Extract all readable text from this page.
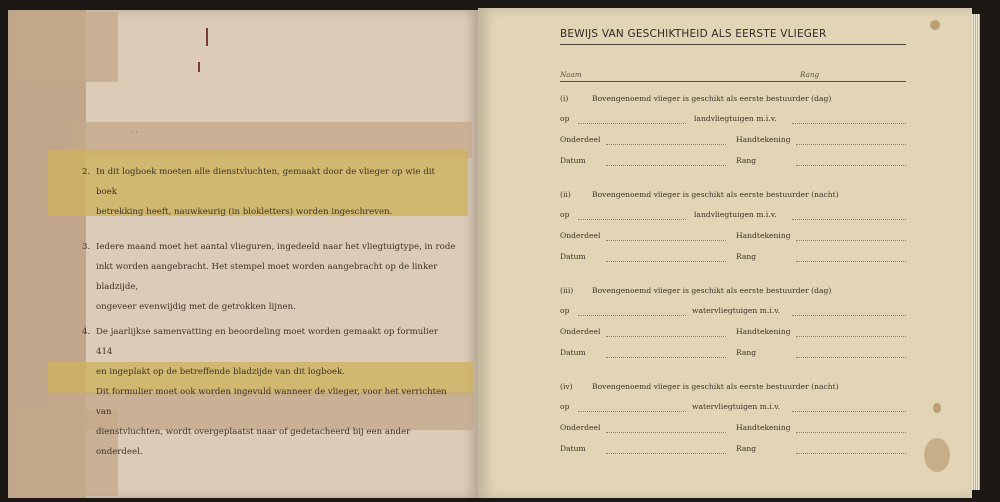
⋅ ⋅
2. In dit logboek moeten alle dienstvluchten, gemaakt door de vlieger op wie dit boek
betrekking heeft, nauwkeurig (in blokletters) worden ingeschreven.
3. Iedere maand moet het aantal vlieguren, ingedeeld naar het vliegtuigtype, in rode
inkt worden aangebracht. Het stempel moet worden aangebracht op de linker bladzijde,
ongeveer evenwijdig met de getrokken lijnen.
4. De jaarlijkse samenvatting en beoordeling moet worden gemaakt op formulier 414
en ingeplakt op de betreffende bladzijde van dit logboek.
Dit formulier moet ook worden ingevuld wanneer de vlieger, voor het verrichten van
dienstvluchten, wordt overgeplaatst naar of gedetacheerd bij een ander onderdeel.
BEWIJS VAN GESCHIKTHEID ALS EERSTE VLIEGER
Naam	Rang
(i)	Bovengenoemd vlieger is geschikt als eerste bestuurder (dag)
op	landvliegtuigen m.i.v.
Onderdeel	Handtekening
Datum	Rang
(ii)	Bovengenoemd vlieger is geschikt als eerste bestuurder (nacht)
op	landvliegtuigen m.i.v.
Onderdeel	Handtekening
Datum	Rang
(iii) Bovengenoemd vlieger is geschikt als eerste bestuurder (dag)
op	watervliegtuigen m.i.v.
Onderdeel	Handtekening
Datum	Rang
(iv)	Bovengenoemd vlieger is geschikt als eerste bestuurder (nacht)
op	watervliegtuigen m.i.v.
Onderdeel	Handtekening
Datum	Rang
